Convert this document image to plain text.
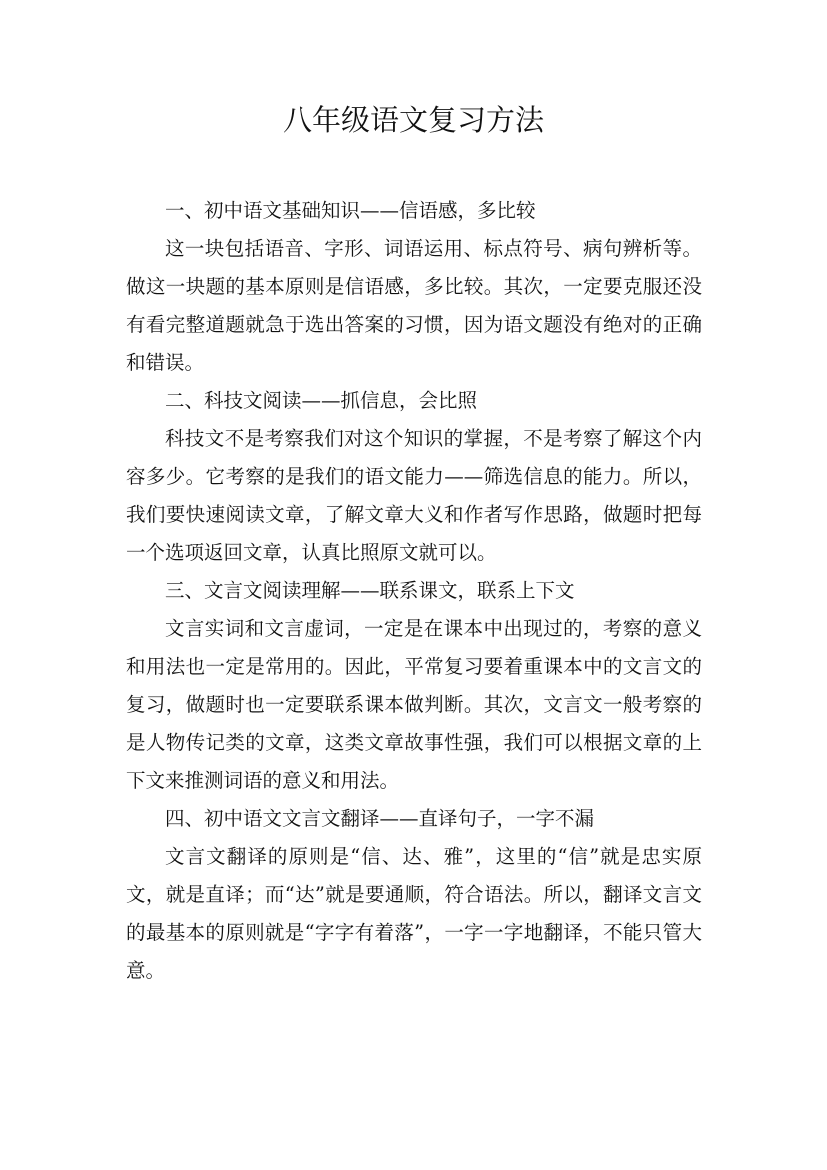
八年级语文复习方法

一、初中语文基础知识——信语感，多比较

这一块包括语音、字形、词语运用、标点符号、病句辨析等。做这一块题的基本原则是信语感，多比较。其次，一定要克服还没有看完整道题就急于选出答案的习惯，因为语文题没有绝对的正确和错误。

二、科技文阅读——抓信息，会比照

科技文不是考察我们对这个知识的掌握，不是考察了解这个内容多少。它考察的是我们的语文能力——筛选信息的能力。所以，我们要快速阅读文章，了解文章大义和作者写作思路，做题时把每一个选项返回文章，认真比照原文就可以。

三、文言文阅读理解——联系课文，联系上下文

文言实词和文言虚词，一定是在课本中出现过的，考察的意义和用法也一定是常用的。因此，平常复习要着重课本中的文言文的复习，做题时也一定要联系课本做判断。其次，文言文一般考察的是人物传记类的文章，这类文章故事性强，我们可以根据文章的上下文来推测词语的意义和用法。

四、初中语文文言文翻译——直译句子，一字不漏

文言文翻译的原则是“信、达、雅”，这里的“信”就是忠实原文，就是直译；而“达”就是要通顺，符合语法。所以，翻译文言文的最基本的原则就是“字字有着落”，一字一字地翻译，不能只管大意。
